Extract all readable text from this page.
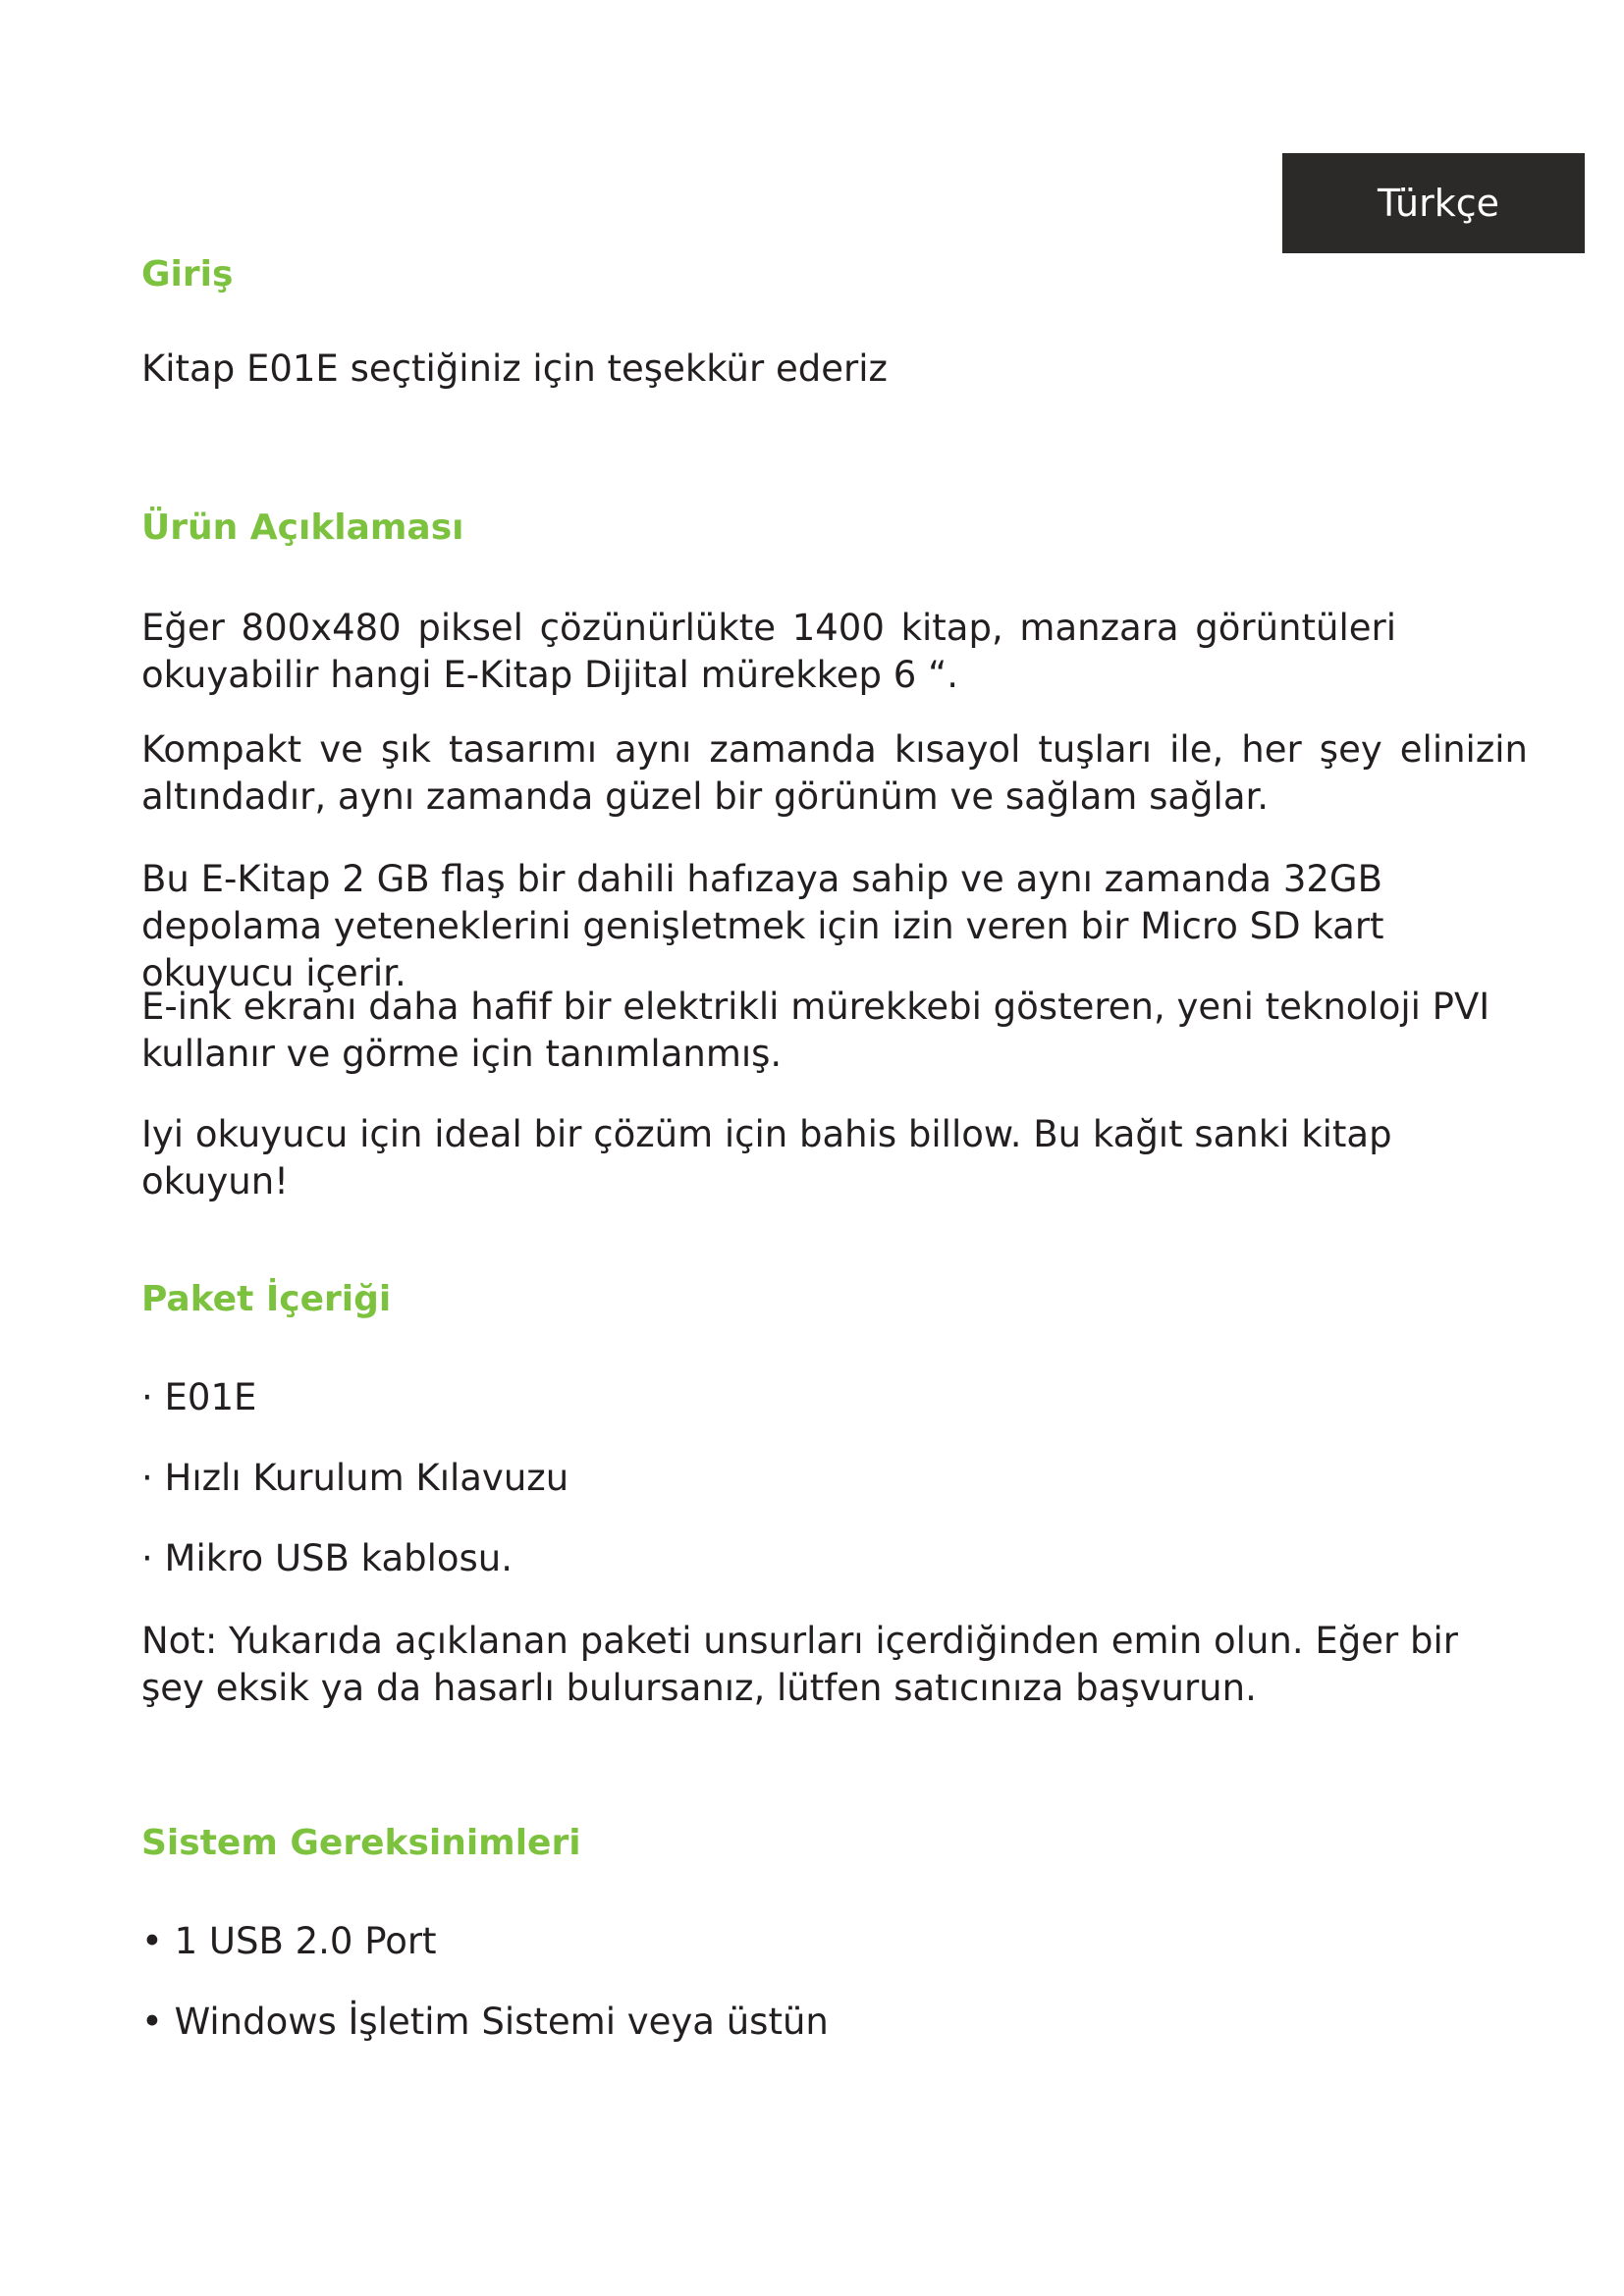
Türkçe
Giriş

Kitap E01E seçtiğiniz için teşekkür ederiz

Ürün Açıklaması

Eğer 800x480 piksel çözünürlükte 1400 kitap, manzara görüntüleri okuyabilir hangi E-Kitap Dijital mürekkep 6 “.

Kompakt ve şık tasarımı aynı zamanda kısayol tuşları ile, her şey elinizin altındadır, aynı zamanda güzel bir görünüm ve sağlam sağlar.

Bu E-Kitap 2 GB flaş bir dahili hafızaya sahip ve aynı zamanda 32GB depolama yeteneklerini genişletmek için izin veren bir Micro SD kart okuyucu içerir.

E-ink ekranı daha hafif bir elektrikli mürekkebi gösteren, yeni teknoloji PVI kullanır ve görme için tanımlanmış.

Iyi okuyucu için ideal bir çözüm için bahis billow. Bu kağıt sanki kitap okuyun!

Paket İçeriği

· E01E

· Hızlı Kurulum Kılavuzu

· Mikro USB kablosu.

Not: Yukarıda açıklanan paketi unsurları içerdiğinden emin olun. Eğer bir şey eksik ya da hasarlı bulursanız, lütfen satıcınıza başvurun.

Sistem Gereksinimleri

• 1 USB 2.0 Port

• Windows İşletim Sistemi veya üstün
